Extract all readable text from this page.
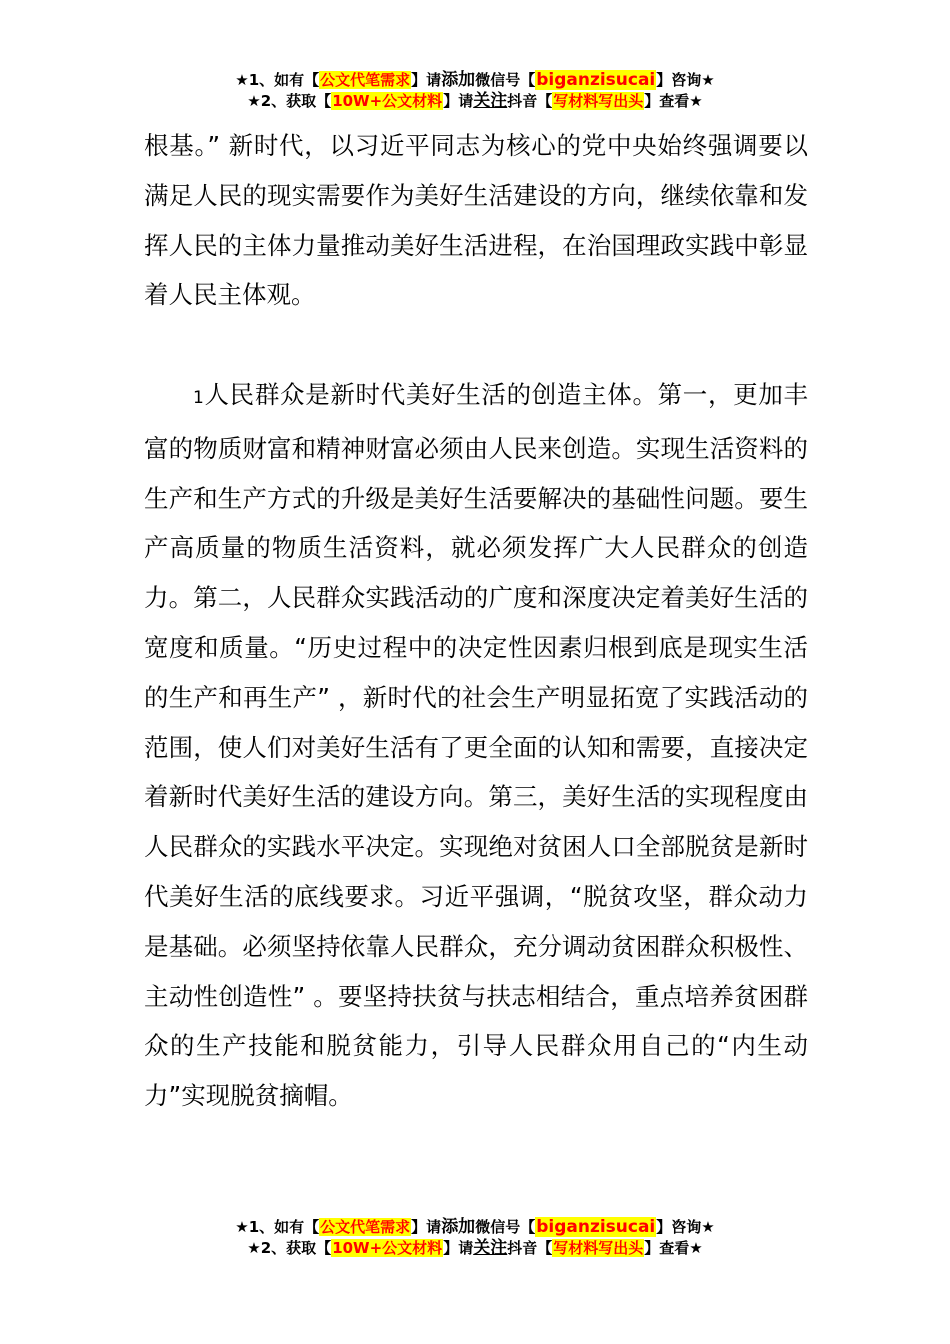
★1、如有【公文代笔需求】请添加微信号【biganzisucai】咨询★
★2、获取【10W+公文材料】请关注抖音【写材料写出头】查看★

根基。” 新时代，以习近平同志为核心的党中央始终强调要以满足人民的现实需要作为美好生活建设的方向，继续依靠和发挥人民的主体力量推动美好生活进程，在治国理政实践中彰显着人民主体观。

1人民群众是新时代美好生活的创造主体。第一，更加丰富的物质财富和精神财富必须由人民来创造。实现生活资料的生产和生产方式的升级是美好生活要解决的基础性问题。要生产高质量的物质生活资料，就必须发挥广大人民群众的创造力。第二，人民群众实践活动的广度和深度决定着美好生活的宽度和质量。“历史过程中的决定性因素归根到底是现实生活的生产和再生产” ，新时代的社会生产明显拓宽了实践活动的范围，使人们对美好生活有了更全面的认知和需要，直接决定着新时代美好生活的建设方向。第三，美好生活的实现程度由人民群众的实践水平决定。实现绝对贫困人口全部脱贫是新时代美好生活的底线要求。习近平强调，“脱贫攻坚，群众动力是基础。必须坚持依靠人民群众，充分调动贫困群众积极性、主动性创造性” 。要坚持扶贫与扶志相结合，重点培养贫困群众的生产技能和脱贫能力，引导人民群众用自己的“内生动力”实现脱贫摘帽。

★1、如有【公文代笔需求】请添加微信号【biganzisucai】咨询★
★2、获取【10W+公文材料】请关注抖音【写材料写出头】查看★
